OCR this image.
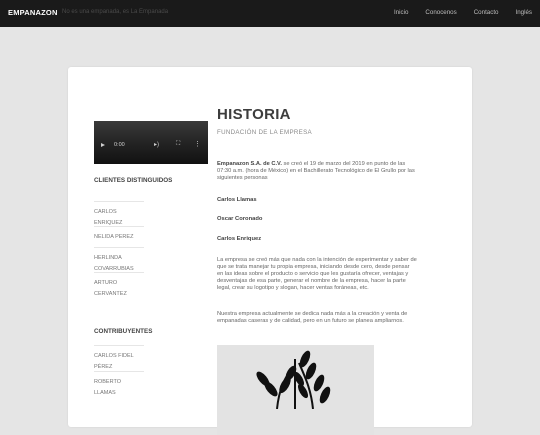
EMPANAZON No es una empanada, es La Empanada	Inicio	Conocenos	Contacto	Inglés
0:00	▸)	⛶ ⋮
CLIENTES DISTINGUIDOS
CARLOS ENRIQUEZ
NELIDA PEREZ
HERLINDA COVARRUBIAS
ARTURO CERVANTEZ
CONTRIBUYENTES
CARLOS FIDEL PÉREZ
ROBERTO LLAMAS
HISTORIA
FUNDACIÓN DE LA EMPRESA
Empanazon S.A. de C.V. se creó el 19 de marzo del 2019 en punto de las 07:30 a.m. (hora de México) en el Bachillerato Tecnológico de El Grullo por las siguientes personas
Carlos Llamas
Oscar Coronado
Carlos Enriquez
La empresa se creó más que nada con la intención de experimentar y saber de que se trata manejar tu propia empresa, iniciando desde cero, desde pensar en las ideas sobre el producto o servicio que les gustaría ofrecer, ventajas y desventajas de esa parte, generar el nombre de la empresa, hacer la parte legal, crear su logotipo y slogan, hacer ventas foráneas, etc.
Nuestra empresa actualmente se dedica nada más a la creación y venta de empanadas caseras y de calidad, pero en un futuro se planea ampliarnos.
